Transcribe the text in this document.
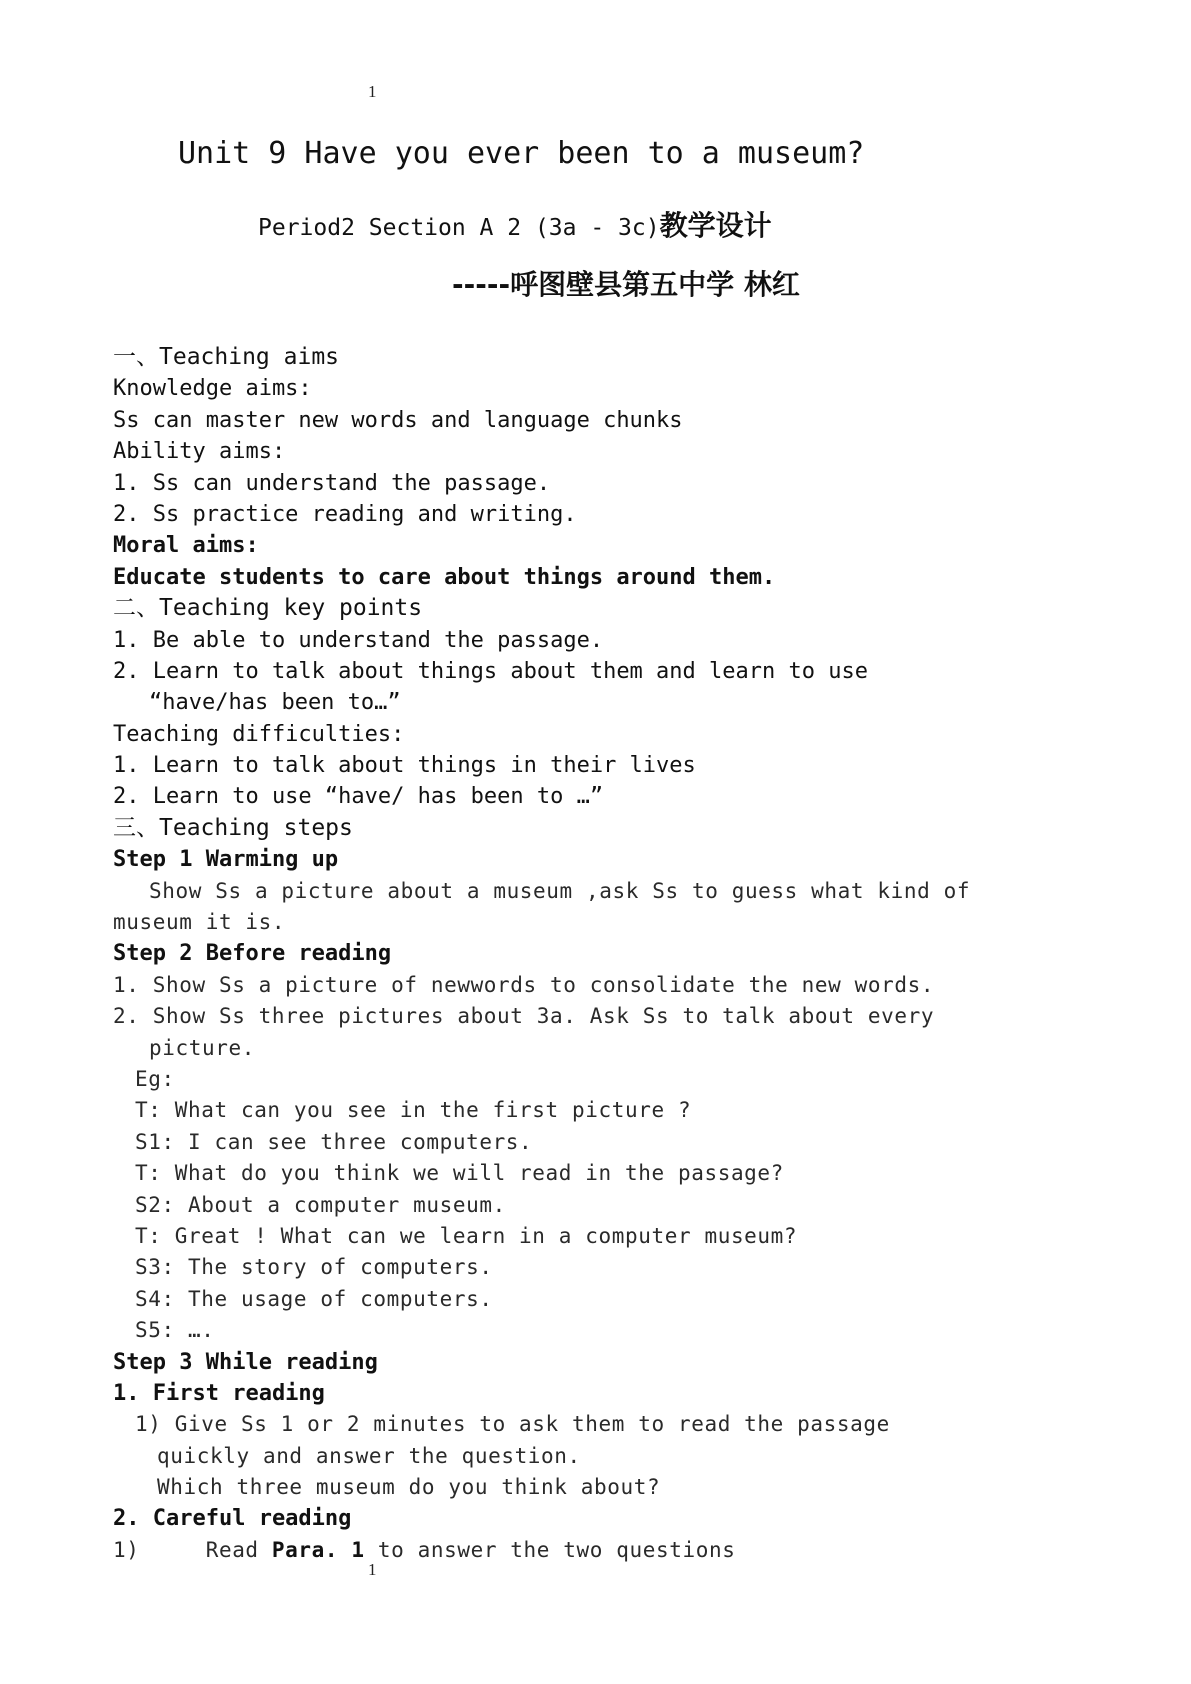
1
Unit 9 Have you ever been to a museum?
Period2 Section A 2 (3a - 3c)教学设计
-----呼图壁县第五中学 林红
一、Teaching aims
Knowledge aims:
Ss can master new words and language chunks
Ability aims:
1. Ss can understand the passage.
2. Ss practice reading and writing.
Moral aims:
Educate students to care about things around them.
二、Teaching key points
1. Be able to understand the passage.
2. Learn to talk about things about them and learn to use
“have/has been to…”
Teaching difficulties:
1. Learn to talk about things in their lives
2. Learn to use “have/ has been to …”
三、Teaching steps
Step 1 Warming up
Show Ss a picture about a museum ,ask Ss to guess what kind of
museum it is.
Step 2 Before reading
1. Show Ss a picture of newwords to consolidate the new words.
2. Show Ss three pictures about 3a. Ask Ss to talk about every
picture.
Eg:
T: What can you see in the first picture ?
S1: I can see three computers.
T: What do you think we will read in the passage?
S2: About a computer museum.
T: Great ! What can we learn in a computer museum?
S3: The story of computers.
S4: The usage of computers.
S5: ….
Step 3 While reading
1. First reading
1) Give Ss 1 or 2 minutes to ask them to read the passage
quickly and answer the question.
Which three museum do you think about?
2. Careful reading
1)     Read Para. 1 to answer the two questions
1
